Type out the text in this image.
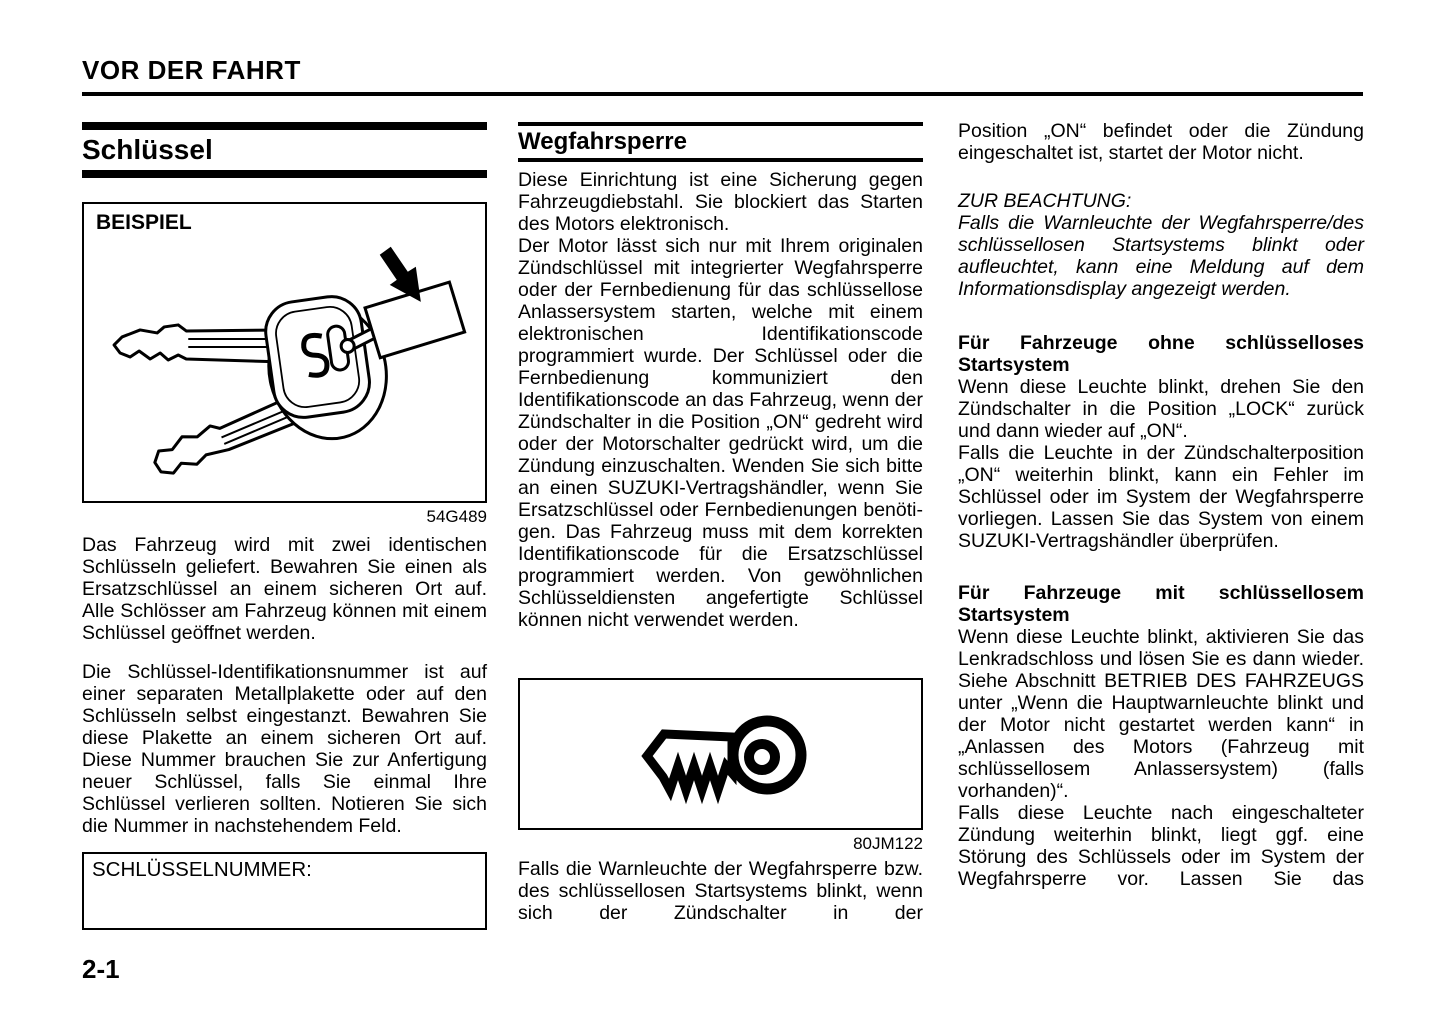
VOR DER FAHRT
Schlüssel
BEISPIEL
54G489

Das Fahrzeug wird mit zwei identischen Schlüsseln geliefert. Bewahren Sie einen als Ersatzschlüssel an einem sicheren Ort auf. Alle Schlösser am Fahrzeug können mit einem Schlüssel geöffnet werden.

Die Schlüssel-Identifikationsnummer ist auf einer separaten Metallplakette oder auf den Schlüsseln selbst eingestanzt. Bewahren Sie diese Plakette an einem sicheren Ort auf. Diese Nummer brauchen Sie zur Anfertigung neuer Schlüssel, falls Sie einmal Ihre Schlüssel verlieren sollten. Notieren Sie sich die Nummer in nachstehendem Feld.

SCHLÜSSELNUMMER:
Wegfahrsperre

Diese Einrichtung ist eine Sicherung gegen Fahrzeugdiebstahl. Sie blockiert das Starten des Motors elektronisch.

Der Motor lässt sich nur mit Ihrem originalen Zündschlüssel mit integrierter Wegfahrsperre oder der Fernbedienung für das schlüssellose Anlassersystem starten, welche mit einem elektronischen Identifikationscode programmiert wurde. Der Schlüssel oder die Fernbedienung kommuniziert den Identifikationscode an das Fahrzeug, wenn der Zündschalter in die Position „ON“ gedreht wird oder der Motorschalter gedrückt wird, um die Zündung einzuschalten. Wenden Sie sich bitte an einen SUZUKI-Vertragshändler, wenn Sie Ersatzschlüssel oder Fernbedienungen benötigen. Das Fahrzeug muss mit dem korrekten Identifikationscode für die Ersatzschlüssel programmiert werden. Von gewöhnlichen Schlüsseldiensten angefertigte Schlüssel können nicht verwendet werden.

80JM122

Falls die Warnleuchte der Wegfahrsperre bzw. des schlüssellosen Startsystems blinkt, wenn sich der Zündschalter in der

Position „ON“ befindet oder die Zündung eingeschaltet ist, startet der Motor nicht.

ZUR BEACHTUNG:

Falls die Warnleuchte der Wegfahrsperre/​des schlüssellosen Startsystems blinkt oder aufleuchtet, kann eine Meldung auf dem Informationsdisplay angezeigt werden.

Für Fahrzeuge ohne schlüsselloses Startsystem

Wenn diese Leuchte blinkt, drehen Sie den Zündschalter in die Position „LOCK“ zurück und dann wieder auf „ON“.

Falls die Leuchte in der Zündschalterposition „ON“ weiterhin blinkt, kann ein Fehler im Schlüssel oder im System der Wegfahrsperre vorliegen. Lassen Sie das System von einem SUZUKI-Vertragshändler überprüfen.

Für Fahrzeuge mit schlüssellosem Startsystem

Wenn diese Leuchte blinkt, aktivieren Sie das Lenkradschloss und lösen Sie es dann wieder. Siehe Abschnitt BETRIEB DES FAHRZEUGS unter „Wenn die Hauptwarnleuchte blinkt und der Motor nicht gestartet werden kann“ in „Anlassen des Motors (Fahrzeug mit schlüssellosem Anlassersystem) (falls vorhanden)“.

Falls diese Leuchte nach eingeschalteter Zündung weiterhin blinkt, liegt ggf. eine Störung des Schlüssels oder im System der Wegfahrsperre vor. Lassen Sie das

2-1
